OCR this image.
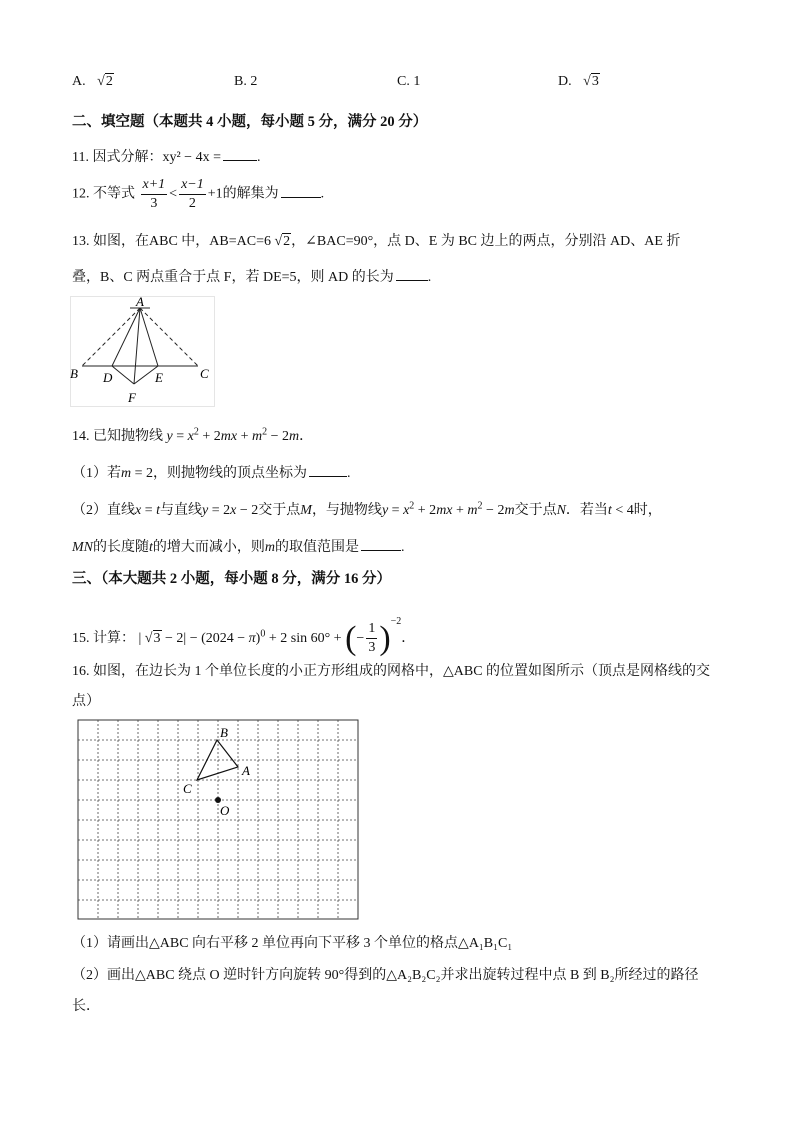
A. √2	B. 2	C. 1	D. √3
二、填空题（本题共 4 小题，每小题 5 分，满分 20 分）
11. 因式分解：xy² − 4x =	.
12. 不等式 $\frac{x+1}{3} < \frac{x-1}{2} +1$的解集为	.
13. 如图，在ABC 中，AB=AC=6 √2，∠BAC=90°，点 D、E 为 BC 边上的两点，分别沿 AD、AE 折
叠，B、C 两点重合于点 F，若 DE=5，则 AD 的长为 .
A
B	C
D	E
F
14. 已知抛物线 $y = x^2 + 2mx + m^2 - 2m$．
（1）若m = 2，则抛物线的顶点坐标为	.
（2）直线x = t与直线y = 2x − 2交于点M，与抛物线$y = x^2 + 2mx + m^2 - 2m$交于点N．若当t < 4时，
MN的长度随t的增大而减小，则m的取值范围是	.
三、（本大题共 2 小题，每小题 8 分，满分 16 分）
15. 计算： | $√3 - 2| - (2024 - \pi)^0 + 2$ sin 60° + (− $\frac{1}{3} )^{-2}$．
16. 如图，在边长为 1 个单位长度的小正方形组成的网格中，△ABC 的位置如图所示（顶点是网格线的交
点）
B
A
C
O
（1）请画出△ABC 向右平移 2 单位再向下平移 3 个单位的格点△A₁B₁C₁
（2）画出△ABC 绕点 O 逆时针方向旋转 90°得到的△A₂B₂C₂并求出旋转过程中点 B 到 B₂所经过的路径
长．
